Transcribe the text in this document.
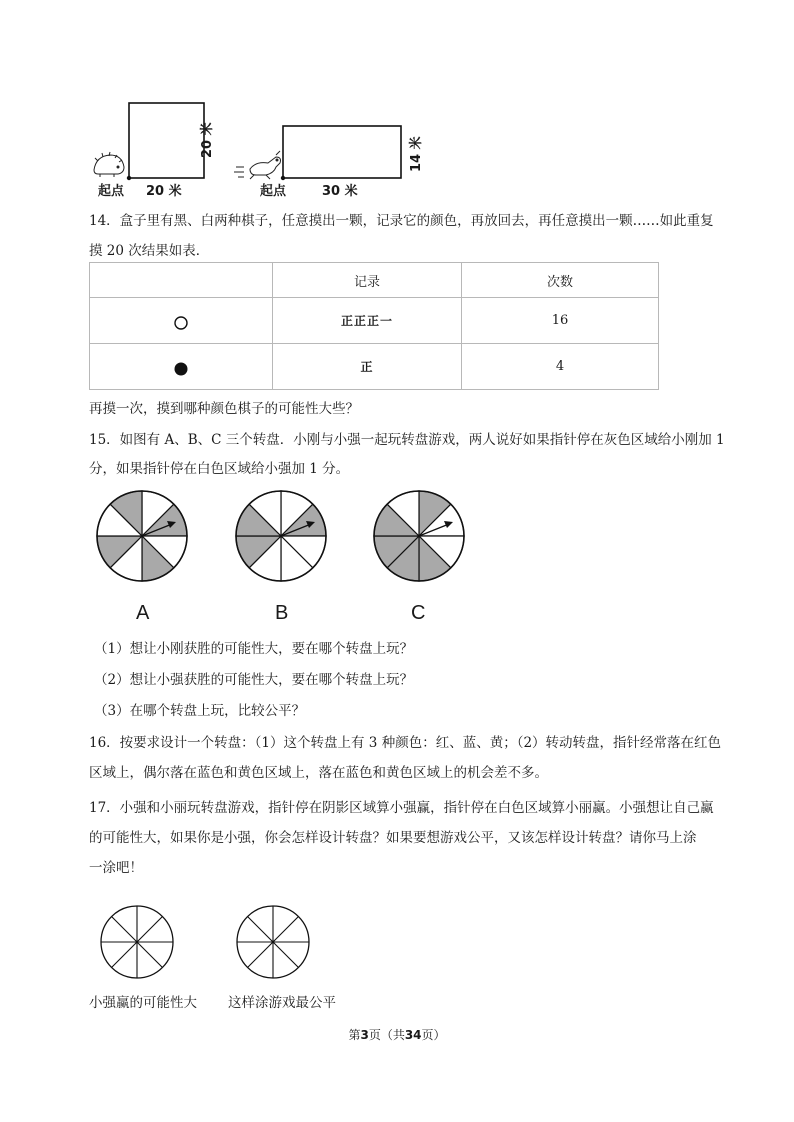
起点 20 米
20 米
起点	30 米
14 米
14．盒子里有黑、白两种棋子，任意摸出一颗，记录它的颜色，再放回去，再任意摸出一颗……如此重复
摸 20 次结果如表．
	记录	次数
	正正正一	16
	正	4
再摸一次，摸到哪种颜色棋子的可能性大些？
15．如图有 A、B、C 三个转盘．小刚与小强一起玩转盘游戏，两人说好如果指针停在灰色区域给小刚加 1
分，如果指针停在白色区域给小强加 1 分。
A	B	C
（1）想让小刚获胜的可能性大，要在哪个转盘上玩？
（2）想让小强获胜的可能性大，要在哪个转盘上玩？
（3）在哪个转盘上玩，比较公平？
16．按要求设计一个转盘：（1）这个转盘上有 3 种颜色：红、蓝、黄；（2）转动转盘，指针经常落在红色
区域上，偶尔落在蓝色和黄色区域上，落在蓝色和黄色区域上的机会差不多。
17．小强和小丽玩转盘游戏，指针停在阴影区域算小强赢，指针停在白色区域算小丽赢。小强想让自己赢
的可能性大，如果你是小强，你会怎样设计转盘？如果要想游戏公平，又该怎样设计转盘？请你马上涂
一涂吧！
小强赢的可能性大 这样涂游戏最公平
第3页（共34页）
